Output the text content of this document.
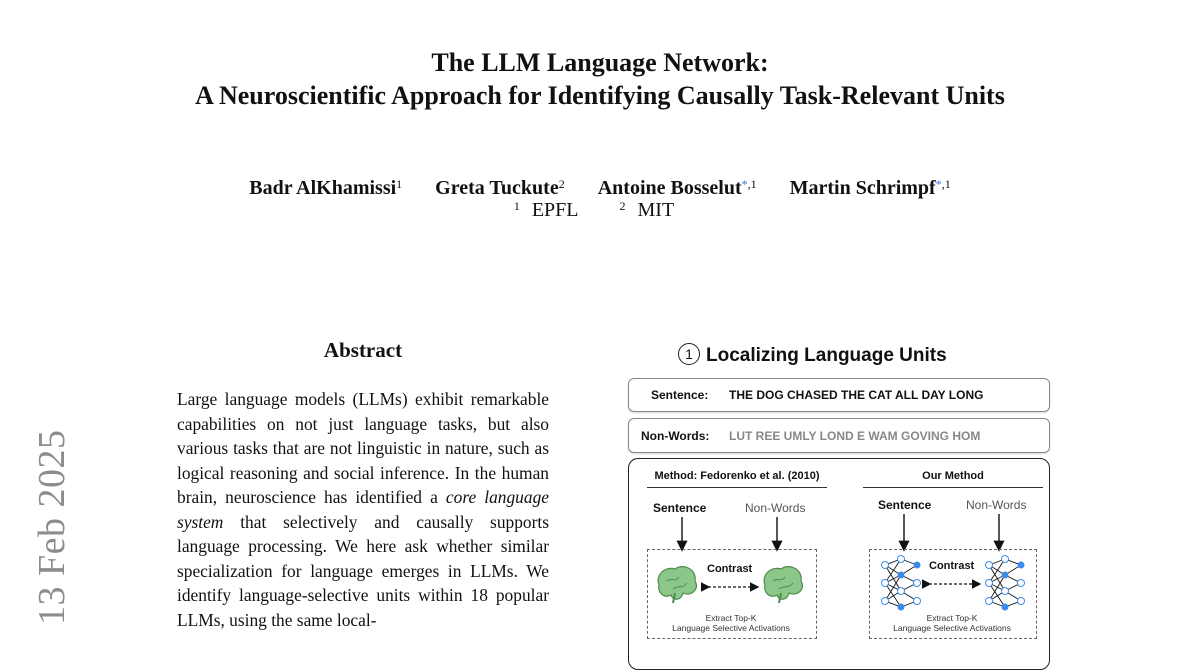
The LLM Language Network:
A Neuroscientific Approach for Identifying Causally Task-Relevant Units
Badr AlKhamissi$^1$ Greta Tuckute$^2$ Antoine Bosselut$^{*,1}$ Martin Schrimpf$^{*,1}$
$^1$ EPFL	$^2$ MIT
13 Feb 2025
Abstract
Large language models (LLMs) exhibit remarkable capabilities on not just language tasks, but also various tasks that are not linguistic in nature, such as logical reasoning and social inference. In the human brain, neuroscience has identified a core language system that selectively and causally supports language processing. We here ask whether similar specialization for language emerges in LLMs. We identify language-selective units within 18 popular LLMs, using the same local-
1 Localizing Language Units
Sentence: THE DOG CHASED THE CAT ALL DAY LONG
Non-Words: LUT REE UMLY LOND E WAM GOVING HOM
Method: Fedorenko et al. (2010)	Our Method
Sentence	Non-Words	Sentence	Non-Words
Contrast	Contrast
Extract Top-K
Language Selective Activations
Extract Top-K
Language Selective Activations
